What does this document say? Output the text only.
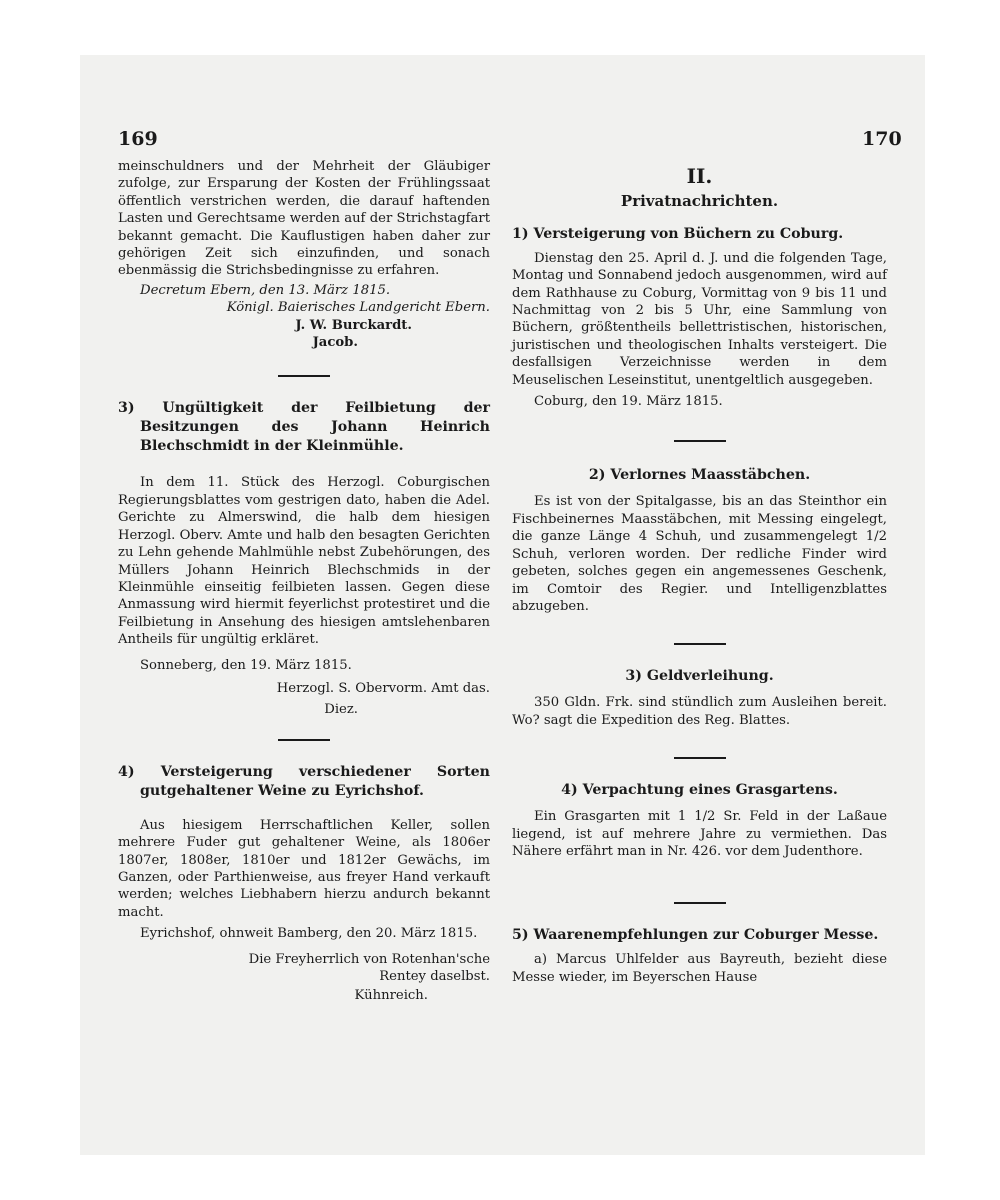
169	170

meinschuldners und der Mehrheit der Gläubiger zufolge, zur Ersparung der Kosten der Frühlingssaat öffentlich verstrichen werden, die darauf haftenden Lasten und Gerechtsame werden auf der Strichstagfart bekannt gemacht. Die Kauflustigen haben daher zur gehörigen Zeit sich einzufinden, und sonach ebenmässig die Strichsbedingnisse zu erfahren.

Decretum Ebern, den 13. März 1815.

Königl. Baierisches Landgericht Ebern.

J. W. Burckardt.

Jacob.

3) Ungültigkeit der Feilbietung der Besitzungen des Johann Heinrich Blechschmidt in der Kleinmühle.

In dem 11. Stück des Herzogl. Coburgischen Regierungsblattes vom gestrigen dato, haben die Adel. Gerichte zu Almerswind, die halb dem hiesigen Herzogl. Oberv. Amte und halb den besagten Gerichten zu Lehn gehende Mahlmühle nebst Zubehörungen, des Müllers Johann Heinrich Blechschmids in der Kleinmühle einseitig feilbieten lassen. Gegen diese Anmassung wird hiermit feyerlichst protestiret und die Feilbietung in Ansehung des hiesigen amtslehenbaren Antheils für ungültig erkläret.

Sonneberg, den 19. März 1815.

Herzogl. S. Obervorm. Amt das.

Diez.

4) Versteigerung verschiedener Sorten gutgehaltener Weine zu Eyrichshof.

Aus hiesigem Herrschaftlichen Keller, sollen mehrere Fuder gut gehaltener Weine, als 1806er 1807er, 1808er, 1810er und 1812er Gewächs, im Ganzen, oder Parthienweise, aus freyer Hand verkauft werden; welches Liebhabern hierzu andurch bekannt macht.

Eyrichshof, ohnweit Bamberg, den 20. März 1815.

Die Freyherrlich von Rotenhan'sche Rentey daselbst.

Kühnreich.

II.

Privatnachrichten.

1) Versteigerung von Büchern zu Coburg.

Dienstag den 25. April d. J. und die folgenden Tage, Montag und Sonnabend jedoch ausgenommen, wird auf dem Rathhause zu Coburg, Vormittag von 9 bis 11 und Nachmittag von 2 bis 5 Uhr, eine Sammlung von Büchern, größtentheils bellettristischen, historischen, juristischen und theologischen Inhalts versteigert. Die desfallsigen Verzeichnisse werden in dem Meuselischen Leseinstitut, unentgeltlich ausgegeben.

Coburg, den 19. März 1815.

2) Verlornes Maasstäbchen.

Es ist von der Spitalgasse, bis an das Steinthor ein Fischbeinernes Maasstäbchen, mit Messing eingelegt, die ganze Länge 4 Schuh, und zusammengelegt 1/2 Schuh, verloren worden. Der redliche Finder wird gebeten, solches gegen ein angemessenes Geschenk, im Comtoir des Regier. und Intelligenzblattes abzugeben.

3) Geldverleihung.

350 Gldn. Frk. sind stündlich zum Ausleihen bereit. Wo? sagt die Expedition des Reg. Blattes.

4) Verpachtung eines Grasgartens.

Ein Grasgarten mit 1 1/2 Sr. Feld in der Laßaue liegend, ist auf mehrere Jahre zu vermiethen. Das Nähere erfährt man in Nr. 426. vor dem Judenthore.

5) Waarenempfehlungen zur Coburger Messe.

a) Marcus Uhlfelder aus Bayreuth, bezieht diese Messe wieder, im Beyerschen Hause
